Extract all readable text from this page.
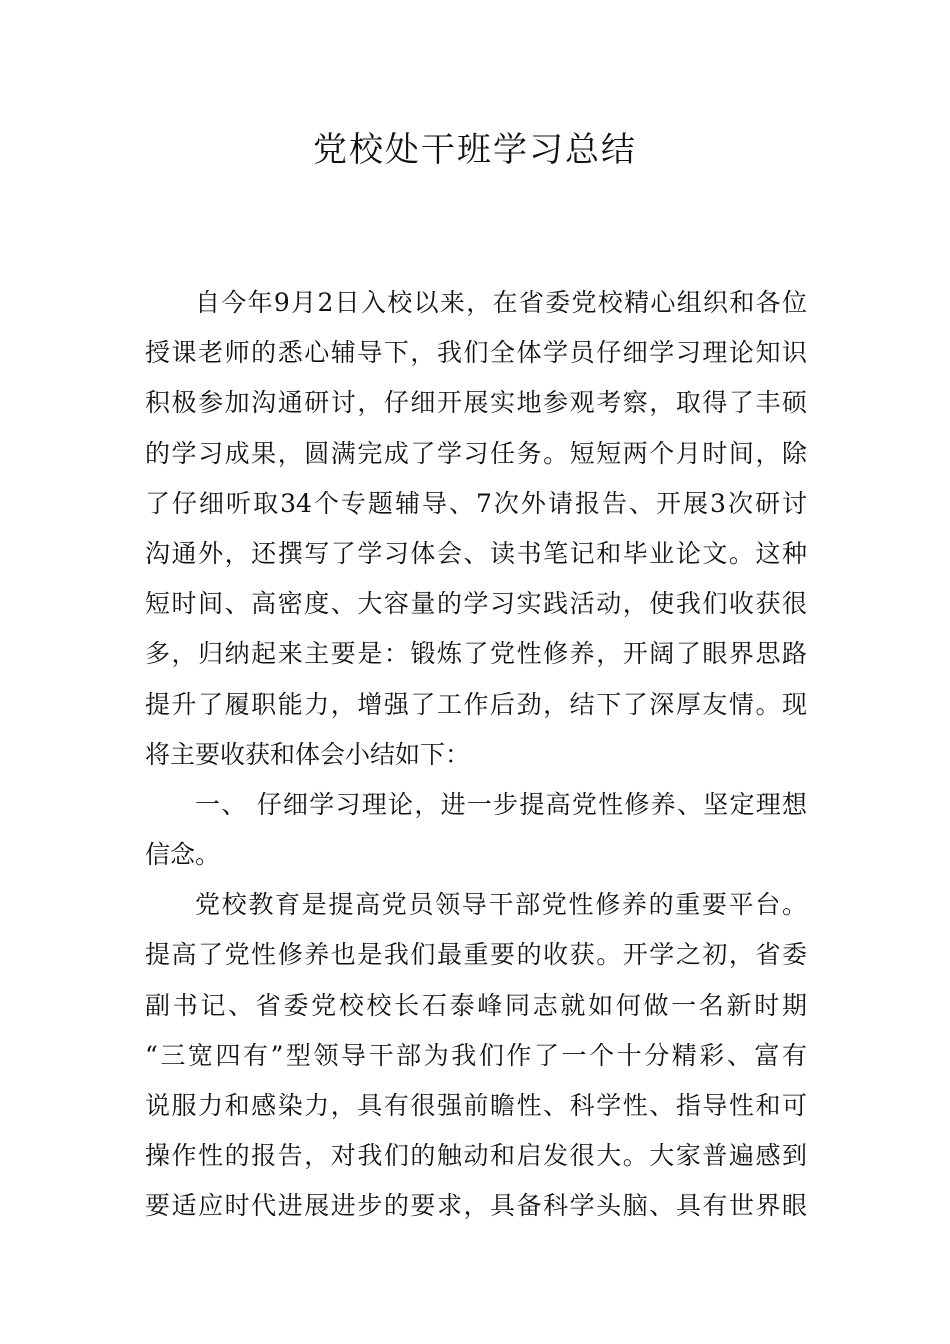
党校处干班学习总结
自今年9月2日入校以来，在省委党校精心组织和各位
授课老师的悉心辅导下，我们全体学员仔细学习理论知识
积极参加沟通研讨，仔细开展实地参观考察，取得了丰硕
的学习成果，圆满完成了学习任务。短短两个月时间，除
了仔细听取34个专题辅导、7次外请报告、开展3次研讨
沟通外，还撰写了学习体会、读书笔记和毕业论文。这种
短时间、高密度、大容量的学习实践活动，使我们收获很
多，归纳起来主要是：锻炼了党性修养，开阔了眼界思路
提升了履职能力，增强了工作后劲，结下了深厚友情。现
将主要收获和体会小结如下：
一、 仔细学习理论，进一步提高党性修养、坚定理想
信念。
党校教育是提高党员领导干部党性修养的重要平台。
提高了党性修养也是我们最重要的收获。开学之初，省委
副书记、省委党校校长石泰峰同志就如何做一名新时期
“三宽四有”型领导干部为我们作了一个十分精彩、富有
说服力和感染力，具有很强前瞻性、科学性、指导性和可
操作性的报告，对我们的触动和启发很大。大家普遍感到
要适应时代进展进步的要求，具备科学头脑、具有世界眼
